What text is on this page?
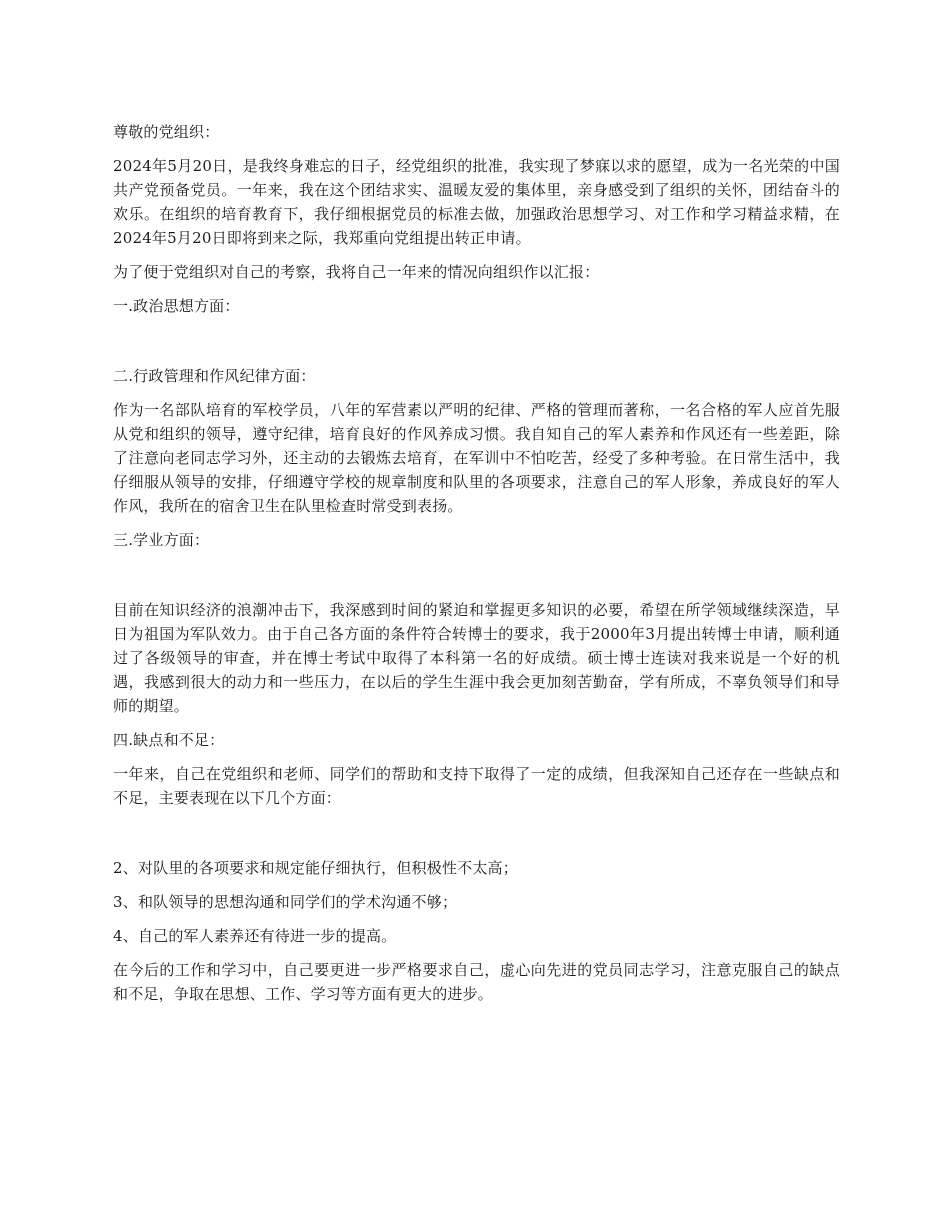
尊敬的党组织：

2024年5月20日，是我终身难忘的日子，经党组织的批准，我实现了梦寐以求的愿望，成为一名光荣的中国共产党预备党员。一年来，我在这个团结求实、温暖友爱的集体里，亲身感受到了组织的关怀，团结奋斗的欢乐。在组织的培育教育下，我仔细根据党员的标准去做，加强政治思想学习、对工作和学习精益求精，在2024年5月20日即将到来之际，我郑重向党组提出转正申请。

为了便于党组织对自己的考察，我将自己一年来的情况向组织作以汇报：

一.政治思想方面：

二.行政管理和作风纪律方面：

作为一名部队培育的军校学员，八年的军营素以严明的纪律、严格的管理而著称，一名合格的军人应首先服从党和组织的领导，遵守纪律，培育良好的作风养成习惯。我自知自己的军人素养和作风还有一些差距，除了注意向老同志学习外，还主动的去锻炼去培育，在军训中不怕吃苦，经受了多种考验。在日常生活中，我仔细服从领导的安排，仔细遵守学校的规章制度和队里的各项要求，注意自己的军人形象，养成良好的军人作风，我所在的宿舍卫生在队里检查时常受到表扬。

三.学业方面：

目前在知识经济的浪潮冲击下，我深感到时间的紧迫和掌握更多知识的必要，希望在所学领域继续深造，早日为祖国为军队效力。由于自己各方面的条件符合转博士的要求，我于2000年3月提出转博士申请，顺利通过了各级领导的审查，并在博士考试中取得了本科第一名的好成绩。硕士博士连读对我来说是一个好的机遇，我感到很大的动力和一些压力，在以后的学生生涯中我会更加刻苦勤奋，学有所成，不辜负领导们和导师的期望。

四.缺点和不足：

一年来，自己在党组织和老师、同学们的帮助和支持下取得了一定的成绩，但我深知自己还存在一些缺点和不足，主要表现在以下几个方面：

2、对队里的各项要求和规定能仔细执行，但积极性不太高；

3、和队领导的思想沟通和同学们的学术沟通不够；

4、自己的军人素养还有待进一步的提高。

在今后的工作和学习中，自己要更进一步严格要求自己，虚心向先进的党员同志学习，注意克服自己的缺点和不足，争取在思想、工作、学习等方面有更大的进步。
